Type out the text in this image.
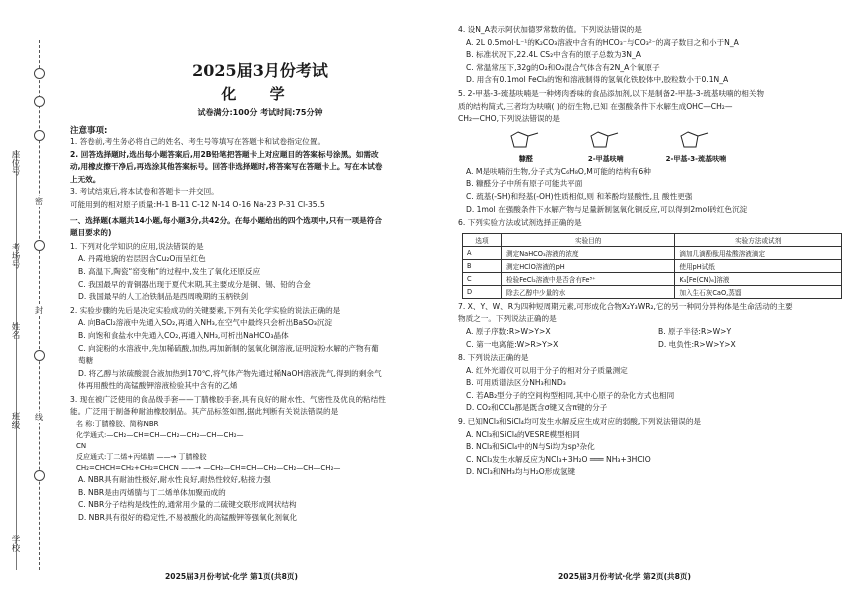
密
封
线
学校
班级
姓名
考场号
座位号
2025届3月份考试
化 学
试卷满分:100分 考试时间:75分钟
注意事项:
1. 答卷前,考生务必将自己的姓名、考生号等填写在答题卡和试卷指定位置。
2. 回答选择题时,选出每小题答案后,用2B铅笔把答题卡上对应题目的答案标号涂黑。如需改
动,用橡皮擦干净后,再选涂其他答案标号。回答非选择题时,将答案写在答题卡上。写在本试卷
上无效。
3. 考试结束后,将本试卷和答题卡一并交回。
可能用到的相对原子质量:H-1 B-11 C-12 N-14 O-16 Na-23 P-31 Cl-35.5
一、选择题(本题共14小题,每小题3分,共42分。在每小题给出的四个选项中,只有一项是符合
题目要求的)
1. 下列对化学知识的应用,说法错误的是
A. 丹霞地貌的岩层因含Cu₂O而呈红色
B. 高温下,陶瓷“窑变釉”的过程中,发生了氧化还原反应
C. 我国最早的青铜器出现于夏代末期,其主要成分是铜、锡、铅的合金
D. 我国最早的人工冶铁制品是西周晚期的玉柄铁剑
2. 实验步骤的先后是决定实验成功的关键要素,下列有关化学实验的说法正确的是
A. 向BaCl₂溶液中先通入SO₂,再通入NH₃,在空气中最终只会析出BaSO₃沉淀
B. 向饱和食盐水中先通入CO₂,再通入NH₃,可析出NaHCO₃晶体
C. 向淀粉的水溶液中,先加稀硫酸,加热,再加新制的氢氧化铜溶液,证明淀粉水解的产物有葡
萄糖
D. 将乙醇与浓硫酸混合液加热到170℃,将气体产物先通过稀NaOH溶液洗气,得到的剩余气
体再用酸性的高锰酸钾溶液检验其中含有的乙烯
3. 现在被广泛使用的食品级手套——丁腈橡胶手套,具有良好的耐水性、气密性及优良的粘结性
能。广泛用于制备种耐油橡胶制品。其产品标签如图,据此判断有关说法错误的是
名 称:丁腈橡胶、简称NBR
化学通式:—CH₂—CH=CH—CH₂—CH₂—CH—CH₂—
CN
反应通式:丁二烯+丙烯腈 ——→ 丁腈橡胶
CH₂=CHCH=CH₂+CH₂=CHCN ——→ —CH₂—CH=CH—CH₂—CH₂—CH—CH₂—
A. NBR具有耐油性极好,耐水性良好,耐热性较好,粘接力强
B. NBR是由丙烯腈与丁二烯单体加聚而成的
C. NBR分子结构是线性的,通常用少量的二硫键交联形成网状结构
D. NBR具有很好的稳定性,不易被酸化的高锰酸钾等强氧化剂氧化
2025届3月份考试·化学 第1页(共8页)
4. 设N_A表示阿伏加德罗常数的值。下列说法错误的是
A. 2L 0.5mol·L⁻¹的K₂CO₃溶液中含有的HCO₃⁻与CO₃²⁻的离子数目之和小于N_A
B. 标准状况下,22.4L CS₂中含有的原子总数为3N_A
C. 常温常压下,32g的O₂和O₃混合气体含有2N_A个氧原子
D. 用含有0.1mol FeCl₃的饱和溶液制得的氢氧化铁胶体中,胶粒数小于0.1N_A
5. 2-甲基-3-巯基呋喃是一种烤肉香味的食品添加剂,以下是制备2-甲基-3-巯基呋喃的相关物
质的结构简式,三者均为呋喃( )的衍生物,已知 在强酸条件下水解生成OHC—CH₂—
CH₂—CHO,下列说法错误的是
糠醛	2-甲基呋喃	2-甲基-3-巯基呋喃
A. M是呋喃衍生物,分子式为C₆H₈O,M可能的结构有6种
B. 糠醛分子中所有原子可能共平面
C. 巯基(-SH)和羟基(-OH)性质相似,则 和苯酚均显酸性,且 酸性更强
D. 1mol 在强酸条件下水解产物与足量新制氢氧化铜反应,可以得到2mol砖红色沉淀
6. 下列实验方法或试剂选择正确的是
选项	实验目的	实验方法或试剂
A	测定NaHCO₃溶液的浓度	滴加几滴酚酞用盐酸溶液滴定
B	测定HClO溶液的pH	使用pH试纸
C	检验FeCl₂溶液中是否含有Fe³⁺	K₃[Fe(CN)₆]溶液
D	除去乙醇中少量的水	加入生石灰CaO,蒸馏
7. X、Y、W、R为四种短周期元素,可形成化合物X₂Y₃WR₂,它的另一种同分异构体是生命活动的主要
物质之一。下列说法正确的是
A. 原子序数:R>W>Y>X	B. 原子半径:R>W>Y
C. 第一电离能:W>R>Y>X	D. 电负性:R>W>Y>X
8. 下列说法正确的是
A. 红外光谱仪可以用于分子的相对分子质量测定
B. 可用质谱法区分NH₃和ND₃
C. 若AB₂型分子的空间构型相同,其中心原子的杂化方式也相同
D. CO₂和CCl₄都是既含σ键又含π键的分子
9. 已知NCl₃和SiCl₄均可发生水解反应生成对应的弱酸,下列说法错误的是
A. NCl₃和SiCl₄的VESRE模型相同
B. NCl₃和SiCl₄中的N与Si均为sp³杂化
C. NCl₃发生水解反应为NCl₃+3H₂O ═══ NH₃+3HClO
D. NCl₃和NH₃均与H₂O形成氢键
2025届3月份考试·化学 第2页(共8页)
